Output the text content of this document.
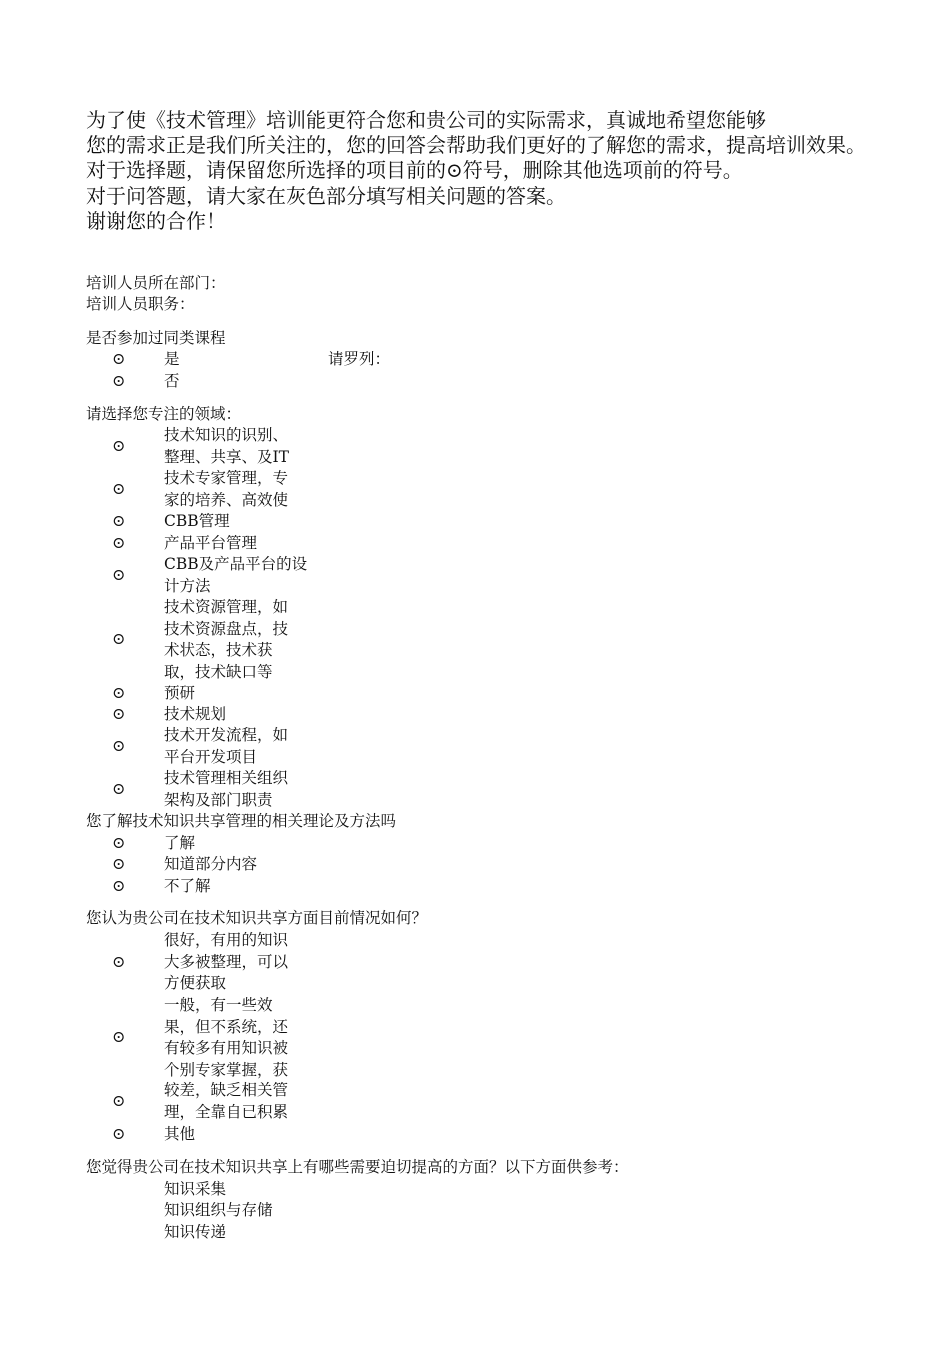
为了使《技术管理》培训能更符合您和贵公司的实际需求，真诚地希望您能够
您的需求正是我们所关注的，您的回答会帮助我们更好的了解您的需求，提高培训效果。
对于选择题，请保留您所选择的项目前的⊙符号，删除其他选项前的符号。
对于问答题，请大家在灰色部分填写相关问题的答案。
谢谢您的合作！
培训人员所在部门：
培训人员职务：
是否参加过同类课程
⊙ 是	请罗列：
⊙ 否
请选择您专注的领域：
⊙
技术知识的识别、
整理、共享、及IT
⊙
技术专家管理，专
家的培养、高效使
⊙ CBB管理
⊙ 产品平台管理
⊙
CBB及产品平台的设
计方法
⊙
技术资源管理，如
技术资源盘点，技
术状态，技术获
取，技术缺口等
⊙ 预研
⊙ 技术规划
⊙
技术开发流程，如
平台开发项目
⊙
技术管理相关组织
架构及部门职责
您了解技术知识共享管理的相关理论及方法吗
⊙ 了解
⊙ 知道部分内容
⊙ 不了解
您认为贵公司在技术知识共享方面目前情况如何？
⊙
很好，有用的知识
大多被整理，可以
方便获取
⊙
一般，有一些效
果，但不系统，还
有较多有用知识被
个别专家掌握，获
⊙
较差，缺乏相关管
理，全靠自已积累
⊙ 其他
您觉得贵公司在技术知识共享上有哪些需要迫切提高的方面？以下方面供参考：
知识采集
知识组织与存储
知识传递
